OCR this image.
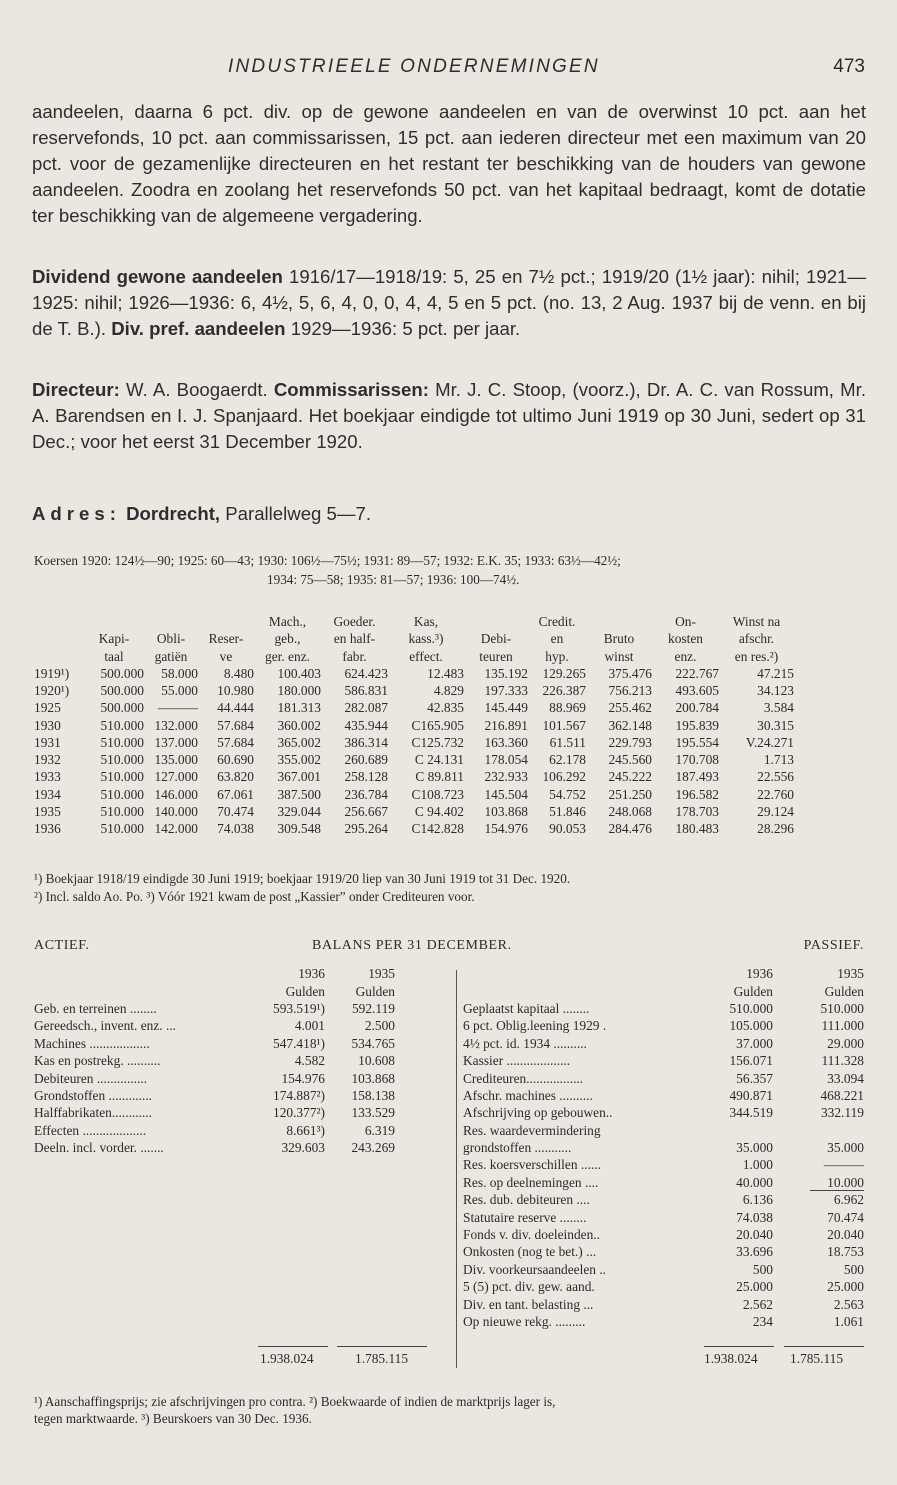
INDUSTRIEELE ONDERNEMINGEN	473

aandeelen, daarna 6 pct. div. op de gewone aandeelen en van de overwinst 10 pct. aan het reservefonds, 10 pct. aan commissarissen, 15 pct. aan iederen directeur met een maximum van 20 pct. voor de gezamenlijke directeuren en het restant ter beschikking van de houders van gewone aandeelen. Zoodra en zoolang het reservefonds 50 pct. van het kapitaal bedraagt, komt de dotatie ter beschikking van de algemeene vergadering.

Dividend gewone aandeelen 1916/17—1918/19: 5, 25 en 7½ pct.; 1919/20 (1½ jaar): nihil; 1921—1925: nihil; 1926—1936: 6, 4½, 5, 6, 4, 0, 0, 4, 4, 5 en 5 pct. (no. 13, 2 Aug. 1937 bij de venn. en bij de T. B.). Div. pref. aandeelen 1929—1936: 5 pct. per jaar.

Directeur: W. A. Boogaerdt. Commissarissen: Mr. J. C. Stoop, (voorz.), Dr. A. C. van Rossum, Mr. A. Barendsen en I. J. Spanjaard. Het boekjaar eindigde tot ultimo Juni 1919 op 30 Juni, sedert op 31 Dec.; voor het eerst 31 December 1920.

Adres: Dordrecht, Parallelweg 5—7.

Koersen 1920: 124½—90; 1925: 60—43; 1930: 106½—75½; 1931: 89—57; 1932: E.K. 35; 1933: 63½—42½;
1934: 75—58; 1935: 81—57; 1936: 100—74½.
				Mach.,	Goeder.	Kas,		Credit.		On-	Winst na
	Kapi-	Obli-	Reser-	geb.,	en half-	kass.³)	Debi-	en	Bruto	kosten	afschr.
	taal	gatiën	ve	ger. enz.	fabr.	effect.	teuren	hyp.	winst	enz.	en res.²)
1919¹)	500.000	58.000	8.480	100.403	624.423	12.483	135.192	129.265	375.476	222.767	47.215
1920¹)	500.000	55.000	10.980	180.000	586.831	4.829	197.333	226.387	756.213	493.605	34.123
1925	500.000	———	44.444	181.313	282.087	42.835	145.449	88.969	255.462	200.784	3.584
1930	510.000	132.000	57.684	360.002	435.944	C165.905	216.891	101.567	362.148	195.839	30.315
1931	510.000	137.000	57.684	365.002	386.314	C125.732	163.360	61.511	229.793	195.554	V.24.271
1932	510.000	135.000	60.690	355.002	260.689	C 24.131	178.054	62.178	245.560	170.708	1.713
1933	510.000	127.000	63.820	367.001	258.128	C 89.811	232.933	106.292	245.222	187.493	22.556
1934	510.000	146.000	67.061	387.500	236.784	C108.723	145.504	54.752	251.250	196.582	22.760
1935	510.000	140.000	70.474	329.044	256.667	C 94.402	103.868	51.846	248.068	178.703	29.124
1936	510.000	142.000	74.038	309.548	295.264	C142.828	154.976	90.053	284.476	180.483	28.296
¹) Boekjaar 1918/19 eindigde 30 Juni 1919; boekjaar 1919/20 liep van 30 Juni 1919 tot 31 Dec. 1920.
²) Incl. saldo Ao. Po. ³) Vóór 1921 kwam de post „Kassier” onder Crediteuren voor.
ACTIEF.	BALANS PER 31 DECEMBER.	PASSIEF.
	1936	1935
	Gulden	Gulden
Geb. en terreinen ........	593.519¹)	592.119
Gereedsch., invent. enz. ...	4.001	2.500
Machines ..................	547.418¹)	534.765
Kas en postrekg. ..........	4.582	10.608
Debiteuren ...............	154.976	103.868
Grondstoffen .............	174.887²)	158.138
Halffabrikaten............	120.377²)	133.529
Effecten ...................	8.661³)	6.319
Deeln. incl. vorder. .......	329.603	243.269
	1936	1935
	Gulden	Gulden
Geplaatst kapitaal ........	510.000	510.000
6 pct. Oblig.leening 1929 .	105.000	111.000
4½ pct. id. 1934 ..........	37.000	29.000
Kassier ...................	156.071	111.328
Crediteuren.................	56.357	33.094
Afschr. machines ..........	490.871	468.221
Afschrijving op gebouwen..	344.519	332.119
Res. waardevermindering		
grondstoffen ...........	35.000	35.000
Res. koersverschillen ......	1.000	———
Res. op deelnemingen ....	40.000	10.000
Res. dub. debiteuren ....	6.136	6.962
Statutaire reserve ........	74.038	70.474
Fonds v. div. doeleinden..	20.040	20.040
Onkosten (nog te bet.) ...	33.696	18.753
Div. voorkeursaandeelen ..	500	500
5 (5) pct. div. gew. aand.	25.000	25.000
Div. en tant. belasting ...	2.562	2.563
Op nieuwe rekg. .........	234	1.061
1.938.024	1.785.115	1.938.024 1.785.115
¹) Aanschaffingsprijs; zie afschrijvingen pro contra. ²) Boekwaarde of indien de marktprijs lager is,
tegen marktwaarde. ³) Beurskoers van 30 Dec. 1936.
